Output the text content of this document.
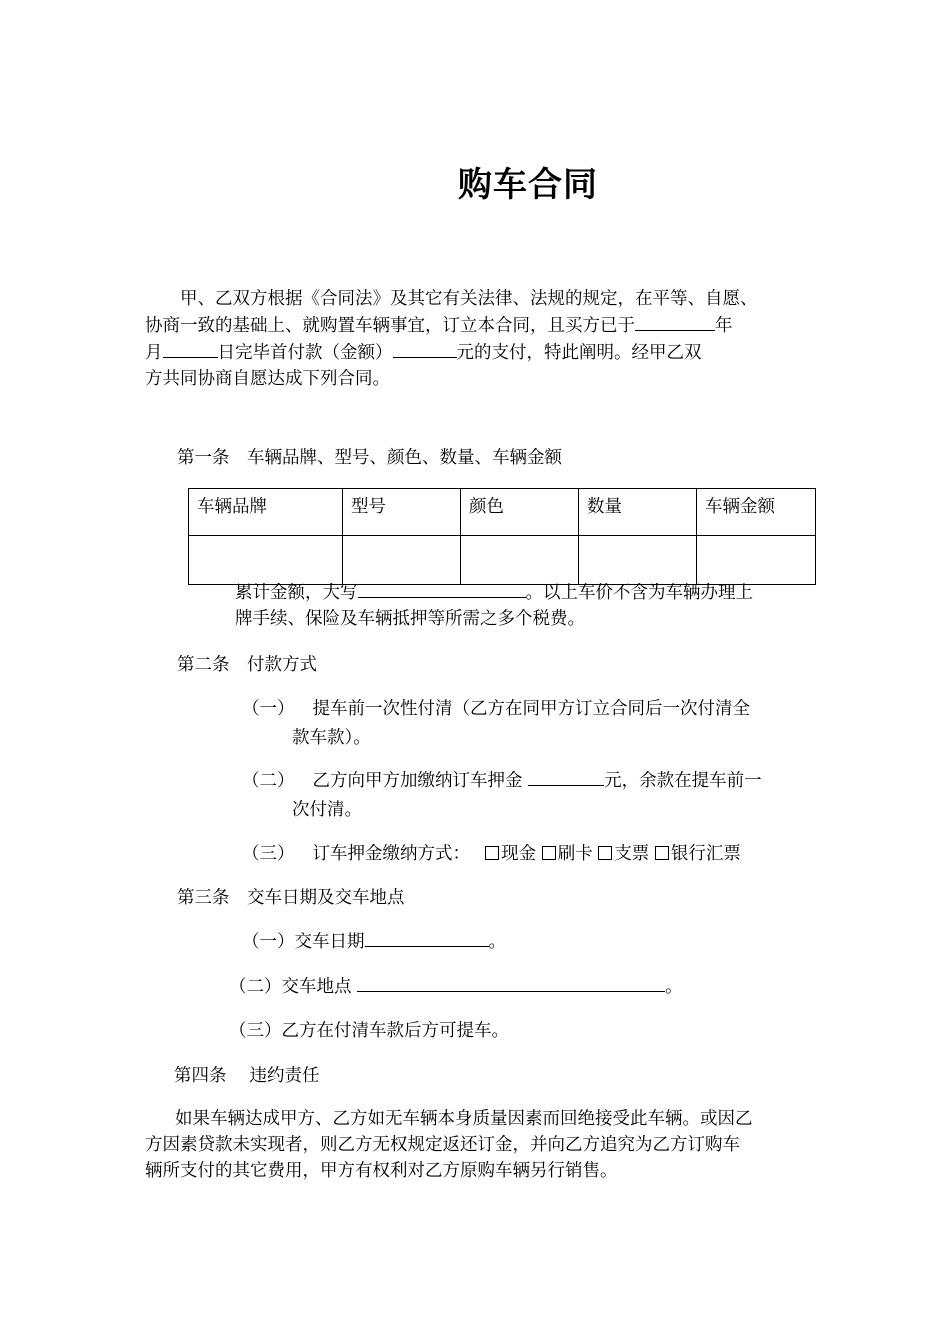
购车合同
甲、乙双方根据《合同法》及其它有关法律、法规的规定，在平等、自愿、
协商一致的基础上、就购置车辆事宜，订立本合同，且买方已于	年
月	日完毕首付款（金额）	元的支付，特此阐明。经甲乙双
方共同协商自愿达成下列合同。
第一条　车辆品牌、型号、颜色、数量、车辆金额
车辆品牌	型号	颜色	数量	车辆金额

累计金额，大写	。以上车价不含为车辆办理上
牌手续、保险及车辆抵押等所需之多个税费。
第二条　付款方式
（一） 提车前一次性付清（乙方在同甲方订立合同后一次付清全
款车款）。
（二） 乙方向甲方加缴纳订车押金	元，余款在提车前一
次付清。
（三） 订车押金缴纳方式： 现金 刷卡 支票 银行汇票
第三条　交车日期及交车地点
（一）交车日期	。
（二）交车地点	。
（三）乙方在付清车款后方可提车。
第四条　 违约责任
如果车辆达成甲方、乙方如无车辆本身质量因素而回绝接受此车辆。或因乙
方因素贷款未实现者，则乙方无权规定返还订金，并向乙方追究为乙方订购车
辆所支付的其它费用，甲方有权利对乙方原购车辆另行销售。
